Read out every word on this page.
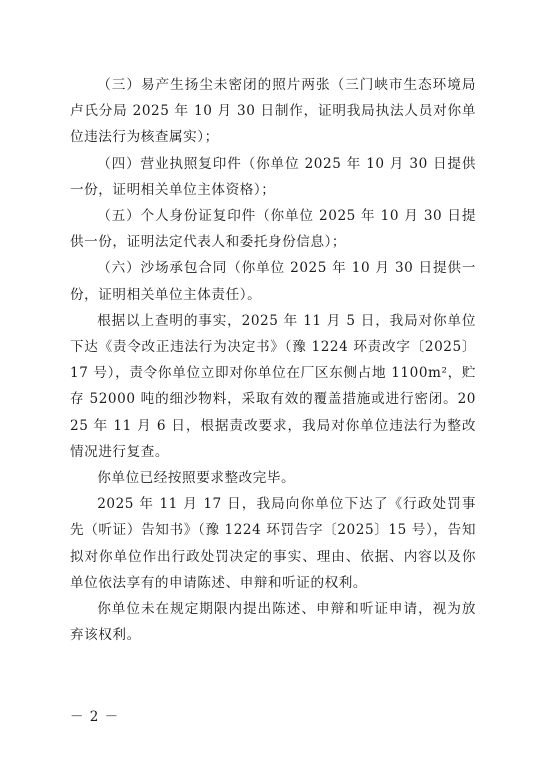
（三）易产生扬尘未密闭的照片两张（三门峡市生态环境局卢氏分局 2025 年 10 月 30 日制作，证明我局执法人员对你单位违法行为核查属实）；

（四）营业执照复印件（你单位 2025 年 10 月 30 日提供一份，证明相关单位主体资格）；

（五）个人身份证复印件（你单位 2025 年 10 月 30 日提供一份，证明法定代表人和委托身份信息）；

（六）沙场承包合同（你单位 2025 年 10 月 30 日提供一份，证明相关单位主体责任）。

根据以上查明的事实，2025 年 11 月 5 日，我局对你单位下达《责令改正违法行为决定书》（豫 1224 环责改字〔2025〕17 号），责令你单位立即对你单位在厂区东侧占地 1100m²，贮存 52000 吨的细沙物料，采取有效的覆盖措施或进行密闭。2025 年 11 月 6 日，根据责改要求，我局对你单位违法行为整改情况进行复查。

你单位已经按照要求整改完毕。

2025 年 11 月 17 日，我局向你单位下达了《行政处罚事先（听证）告知书》（豫 1224 环罚告字〔2025〕15 号），告知拟对你单位作出行政处罚决定的事实、理由、依据、内容以及你单位依法享有的申请陈述、申辩和听证的权利。

你单位未在规定期限内提出陈述、申辩和听证申请，视为放弃该权利。

－ 2 －
